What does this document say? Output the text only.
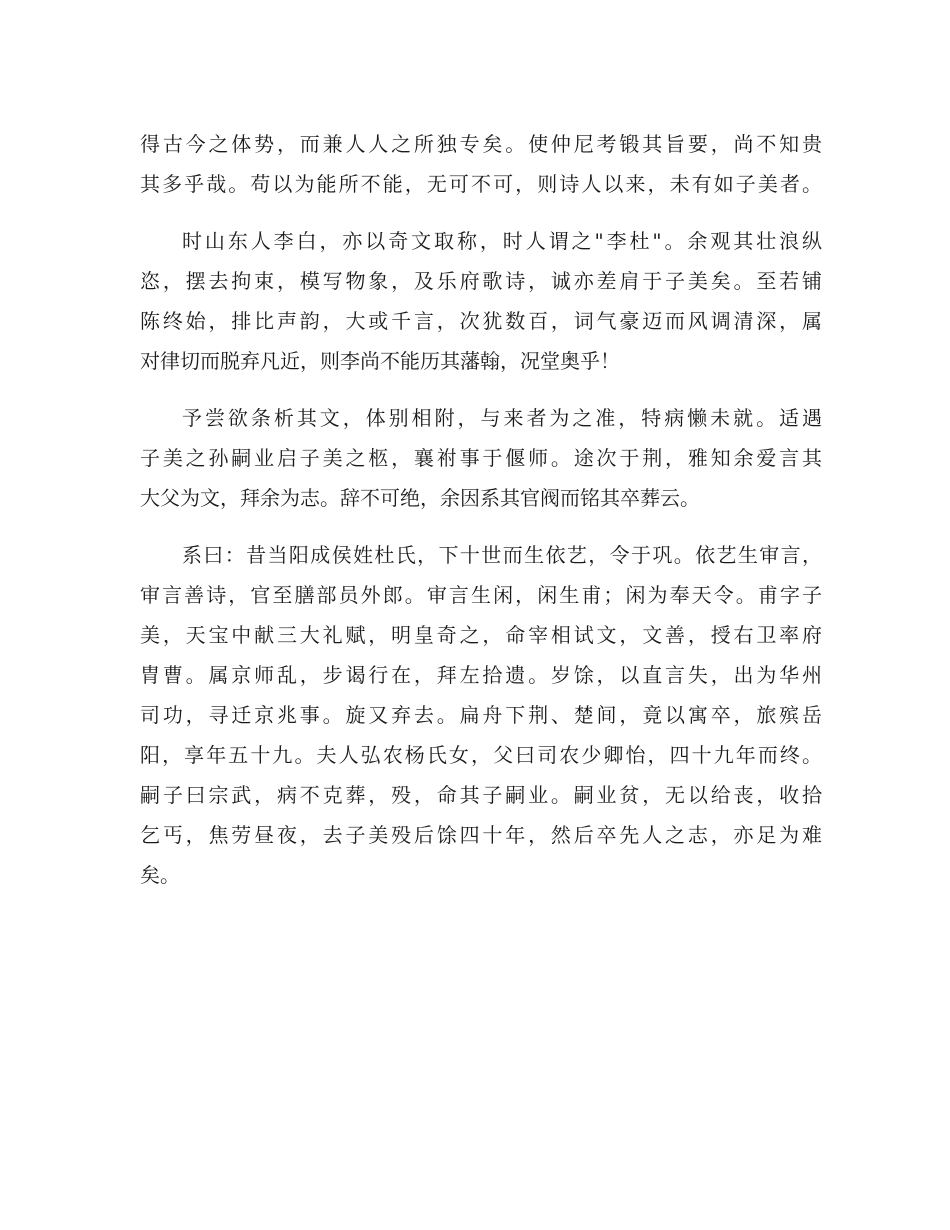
得古今之体势，而兼人人之所独专矣。使仲尼考锻其旨要，尚不知贵
其多乎哉。苟以为能所不能，无可不可，则诗人以来，未有如子美者。
时山东人李白，亦以奇文取称，时人谓之"李杜"。余观其壮浪纵
恣，摆去拘束，模写物象，及乐府歌诗，诚亦差肩于子美矣。至若铺
陈终始，排比声韵，大或千言，次犹数百，词气豪迈而风调清深，属
对律切而脱弃凡近，则李尚不能历其藩翰，况堂奥乎！
予尝欲条析其文，体别相附，与来者为之准，特病懒未就。适遇
子美之孙嗣业启子美之柩，襄祔事于偃师。途次于荆，雅知余爱言其
大父为文，拜余为志。辞不可绝，余因系其官阀而铭其卒葬云。
系曰：昔当阳成侯姓杜氏，下十世而生依艺，令于巩。依艺生审言，
审言善诗，官至膳部员外郎。审言生闲，闲生甫；闲为奉天令。甫字子
美，天宝中献三大礼赋，明皇奇之，命宰相试文，文善，授右卫率府
胄曹。属京师乱，步谒行在，拜左拾遗。岁馀，以直言失，出为华州
司功，寻迁京兆事。旋又弃去。扁舟下荆、楚间，竟以寓卒，旅殡岳
阳，享年五十九。夫人弘农杨氏女，父曰司农少卿怡，四十九年而终。
嗣子曰宗武，病不克葬，殁，命其子嗣业。嗣业贫，无以给丧，收拾
乞丐，焦劳昼夜，去子美殁后馀四十年，然后卒先人之志，亦足为难
矣。
